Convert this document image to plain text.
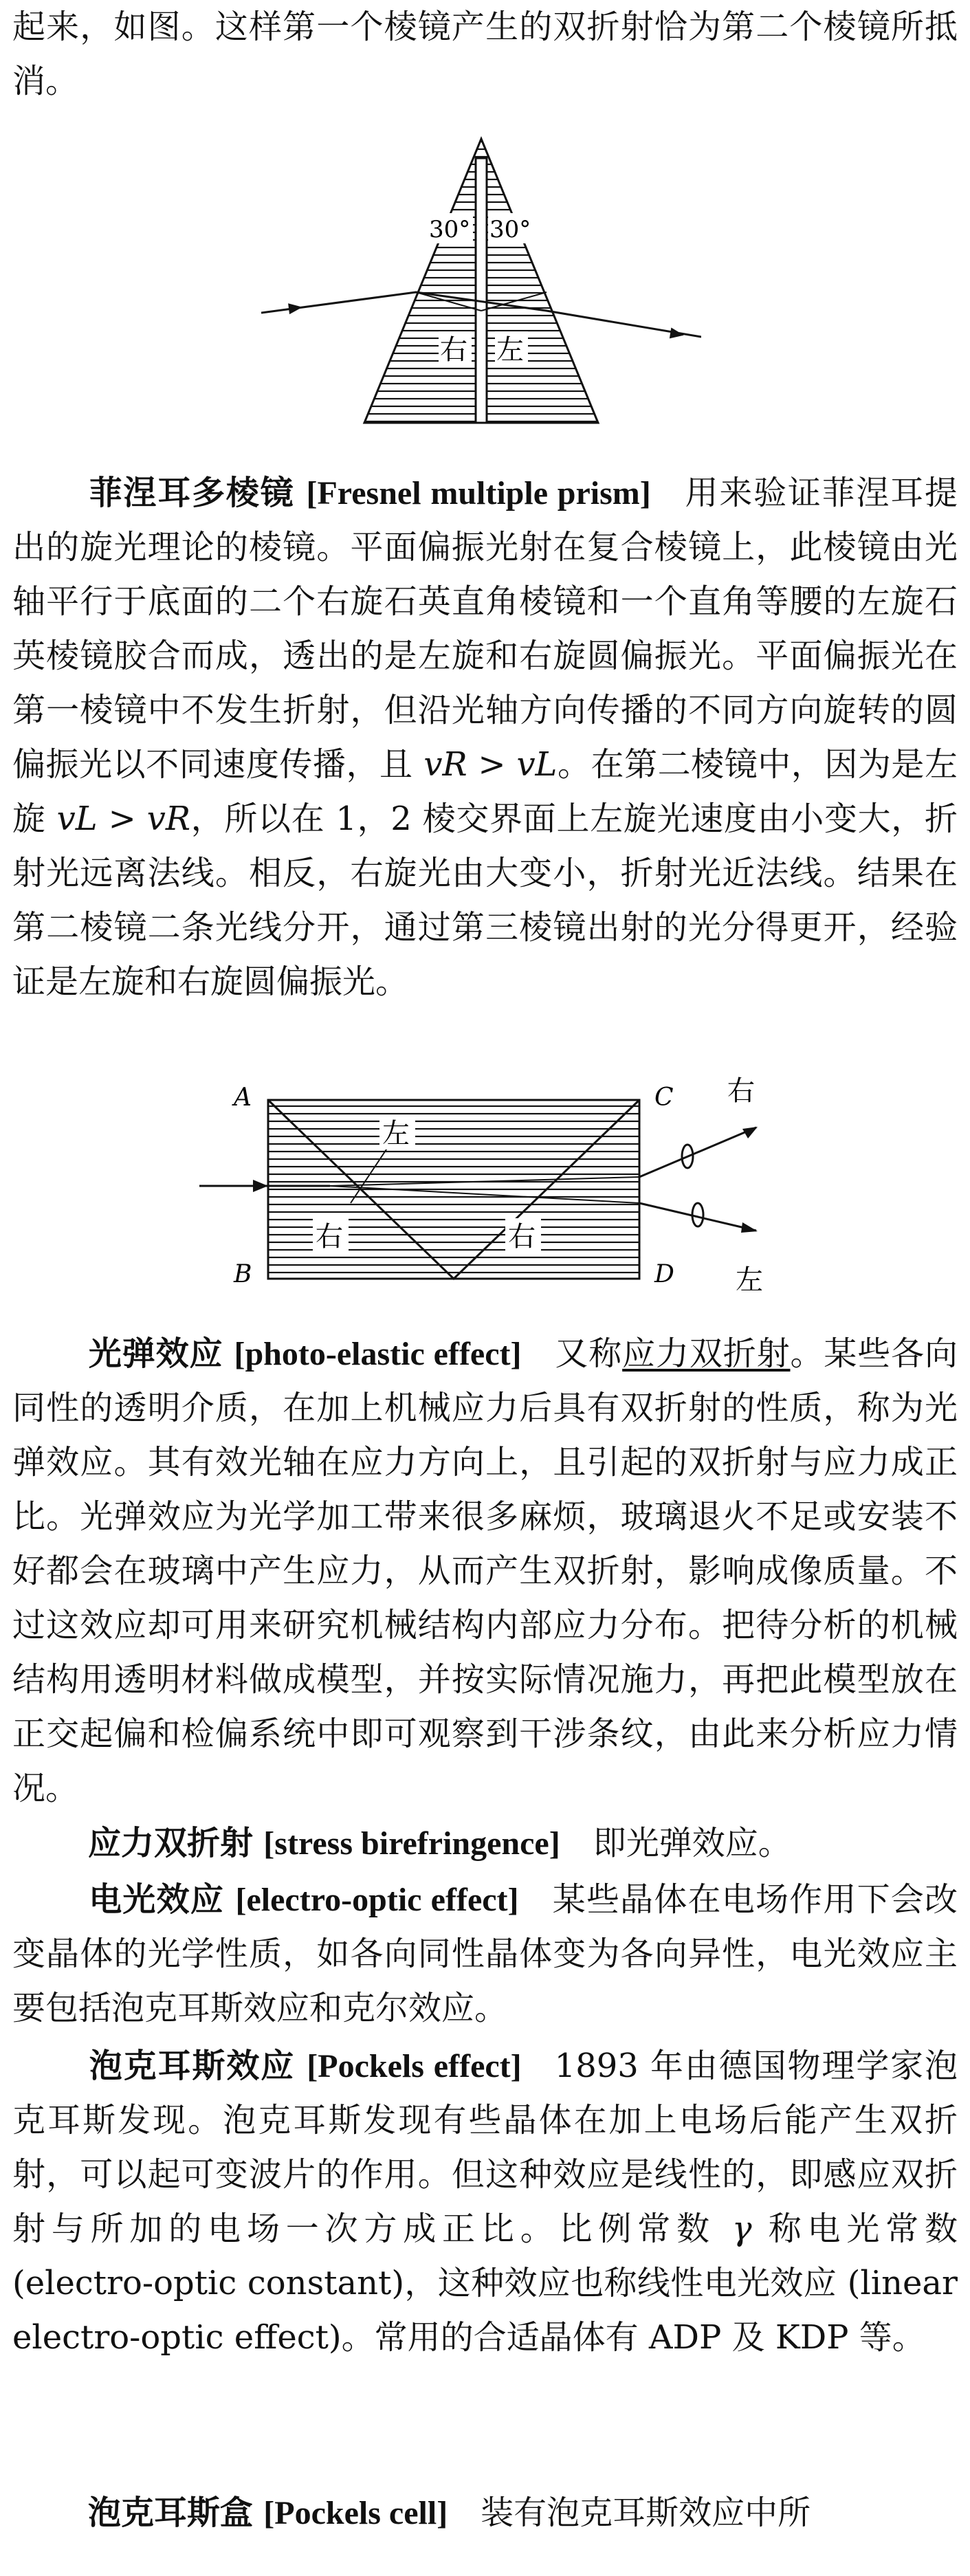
起来，如图。这样第一个棱镜产生的双折射恰为第二个棱镜所抵消。

30° 30°
右 左

菲涅耳多棱镜 [Fresnel multiple prism] 用来验证菲涅耳提出的旋光理论的棱镜。平面偏振光射在复合棱镜上，此棱镜由光轴平行于底面的二个右旋石英直角棱镜和一个直角等腰的左旋石英棱镜胶合而成，透出的是左旋和右旋圆偏振光。平面偏振光在第一棱镜中不发生折射，但沿光轴方向传播的不同方向旋转的圆偏振光以不同速度传播，且 vR > vL。在第二棱镜中，因为是左旋 vL > vR，所以在 1，2 棱交界面上左旋光速度由小变大，折射光远离法线。相反，右旋光由大变小，折射光近法线。结果在第二棱镜二条光线分开，通过第三棱镜出射的光分得更开，经验证是左旋和右旋圆偏振光。

左
右	右
A
B
C
D
右
左

光弹效应 [photo-elastic effect] 又称应力双折射。某些各向同性的透明介质，在加上机械应力后具有双折射的性质，称为光弹效应。其有效光轴在应力方向上，且引起的双折射与应力成正比。光弹效应为光学加工带来很多麻烦，玻璃退火不足或安装不好都会在玻璃中产生应力，从而产生双折射，影响成像质量。不过这效应却可用来研究机械结构内部应力分布。把待分析的机械结构用透明材料做成模型，并按实际情况施力，再把此模型放在正交起偏和检偏系统中即可观察到干涉条纹，由此来分析应力情况。

应力双折射 [stress birefringence] 即光弹效应。

电光效应 [electro-optic effect] 某些晶体在电场作用下会改变晶体的光学性质，如各向同性晶体变为各向异性，电光效应主要包括泡克耳斯效应和克尔效应。

泡克耳斯效应 [Pockels effect] 1893 年由德国物理学家泡克耳斯发现。泡克耳斯发现有些晶体在加上电场后能产生双折射，可以起可变波片的作用。但这种效应是线性的，即感应双折射与所加的电场一次方成正比。比例常数 γ 称电光常数 (electro-optic constant)，这种效应也称线性电光效应 (linear electro-optic effect)。常用的合适晶体有 ADP 及 KDP 等。

泡克耳斯盒 [Pockels cell] 装有泡克耳斯效应中所
